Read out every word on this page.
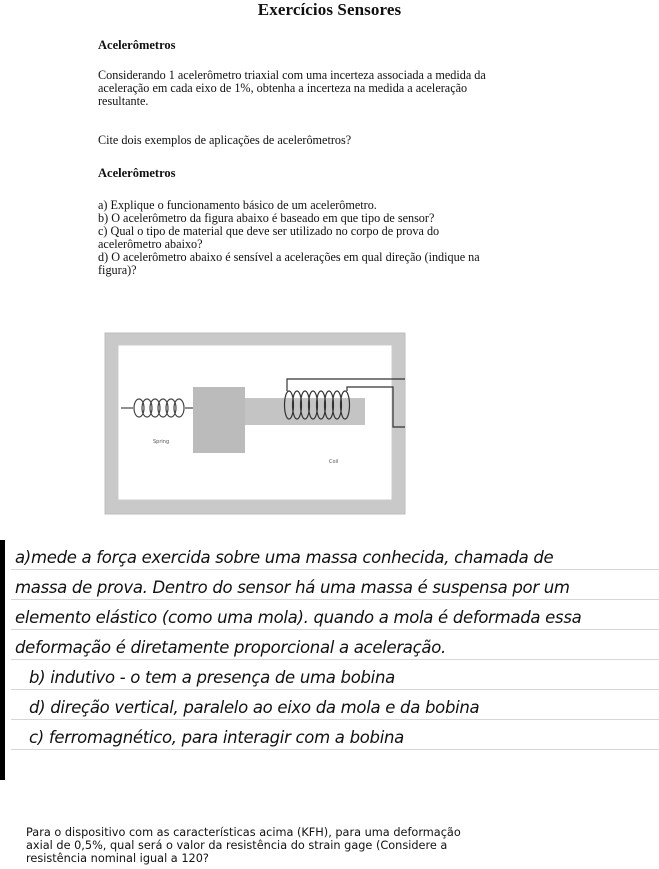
Exercícios Sensores
Acelerômetros
Considerando 1 acelerômetro triaxial com uma incerteza associada a medida da
aceleração em cada eixo de 1%, obtenha a incerteza na medida a aceleração
resultante.
Cite dois exemplos de aplicações de acelerômetros?
Acelerômetros
a) Explique o funcionamento básico de um acelerômetro.
b) O acelerômetro da figura abaixo é baseado em que tipo de sensor?
c) Qual o tipo de material que deve ser utilizado no corpo de prova do
acelerômetro abaixo?
d) O acelerômetro abaixo é sensível a acelerações em qual direção (indique na
figura)?
Spring
Coil
a)mede a força exercida sobre uma massa conhecida, chamada de
massa de prova. Dentro do sensor há uma massa é suspensa por um
elemento elástico (como uma mola). quando a mola é deformada essa
deformação é diretamente proporcional a aceleração.
b) indutivo - o tem a presença de uma bobina
d) direção vertical, paralelo ao eixo da mola e da bobina
c) ferromagnético, para interagir com a bobina
Para o dispositivo com as características acima (KFH), para uma deformação
axial de 0,5%, qual será o valor da resistência do strain gage (Considere a
resistência nominal igual a 120?
